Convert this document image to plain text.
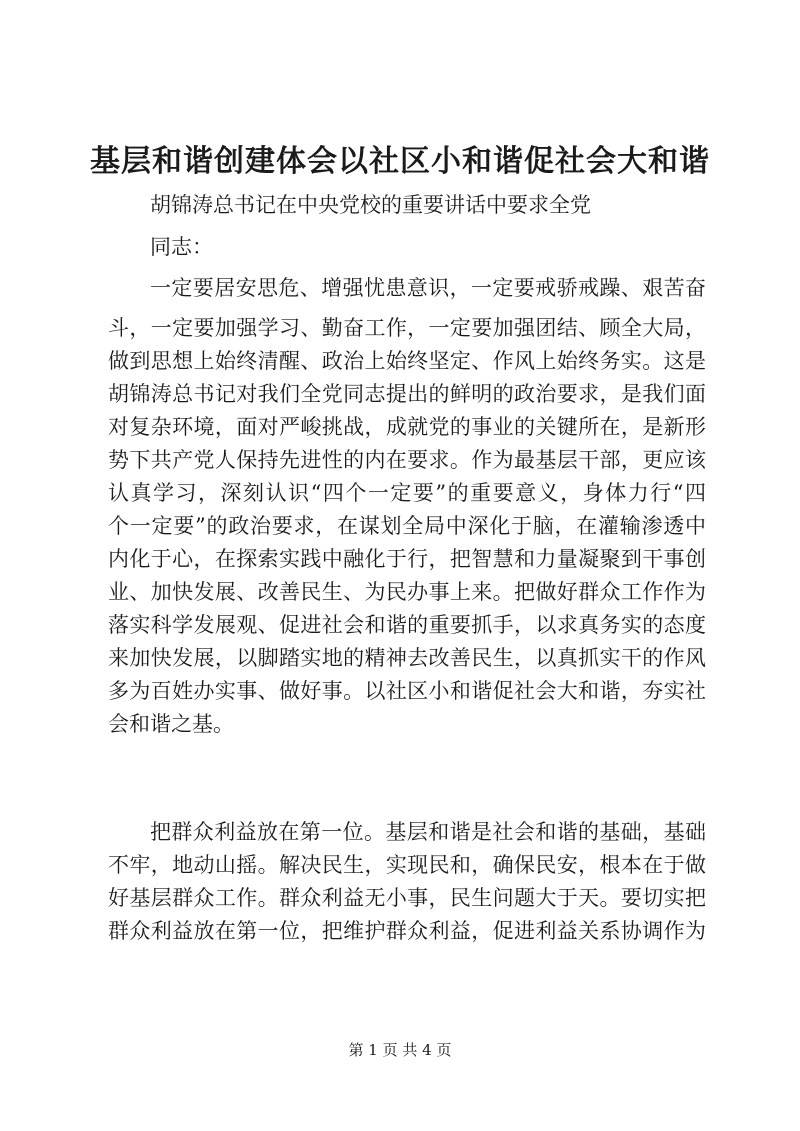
基层和谐创建体会以社区小和谐促社会大和谐
胡锦涛总书记在中央党校的重要讲话中要求全党
同志：
一定要居安思危、增强忧患意识，一定要戒骄戒躁、艰苦奋
斗，一定要加强学习、勤奋工作，一定要加强团结、顾全大局，
做到思想上始终清醒、政治上始终坚定、作风上始终务实。这是
胡锦涛总书记对我们全党同志提出的鲜明的政治要求，是我们面
对复杂环境，面对严峻挑战，成就党的事业的关键所在，是新形
势下共产党人保持先进性的内在要求。作为最基层干部，更应该
认真学习，深刻认识“四个一定要”的重要意义，身体力行“四
个一定要”的政治要求，在谋划全局中深化于脑，在灌输渗透中
内化于心，在探索实践中融化于行，把智慧和力量凝聚到干事创
业、加快发展、改善民生、为民办事上来。把做好群众工作作为
落实科学发展观、促进社会和谐的重要抓手，以求真务实的态度
来加快发展，以脚踏实地的精神去改善民生，以真抓实干的作风
多为百姓办实事、做好事。以社区小和谐促社会大和谐，夯实社
会和谐之基。
把群众利益放在第一位。基层和谐是社会和谐的基础，基础
不牢，地动山摇。解决民生，实现民和，确保民安，根本在于做
好基层群众工作。群众利益无小事，民生问题大于天。要切实把
群众利益放在第一位，把维护群众利益，促进利益关系协调作为
第 1 页 共 4 页
